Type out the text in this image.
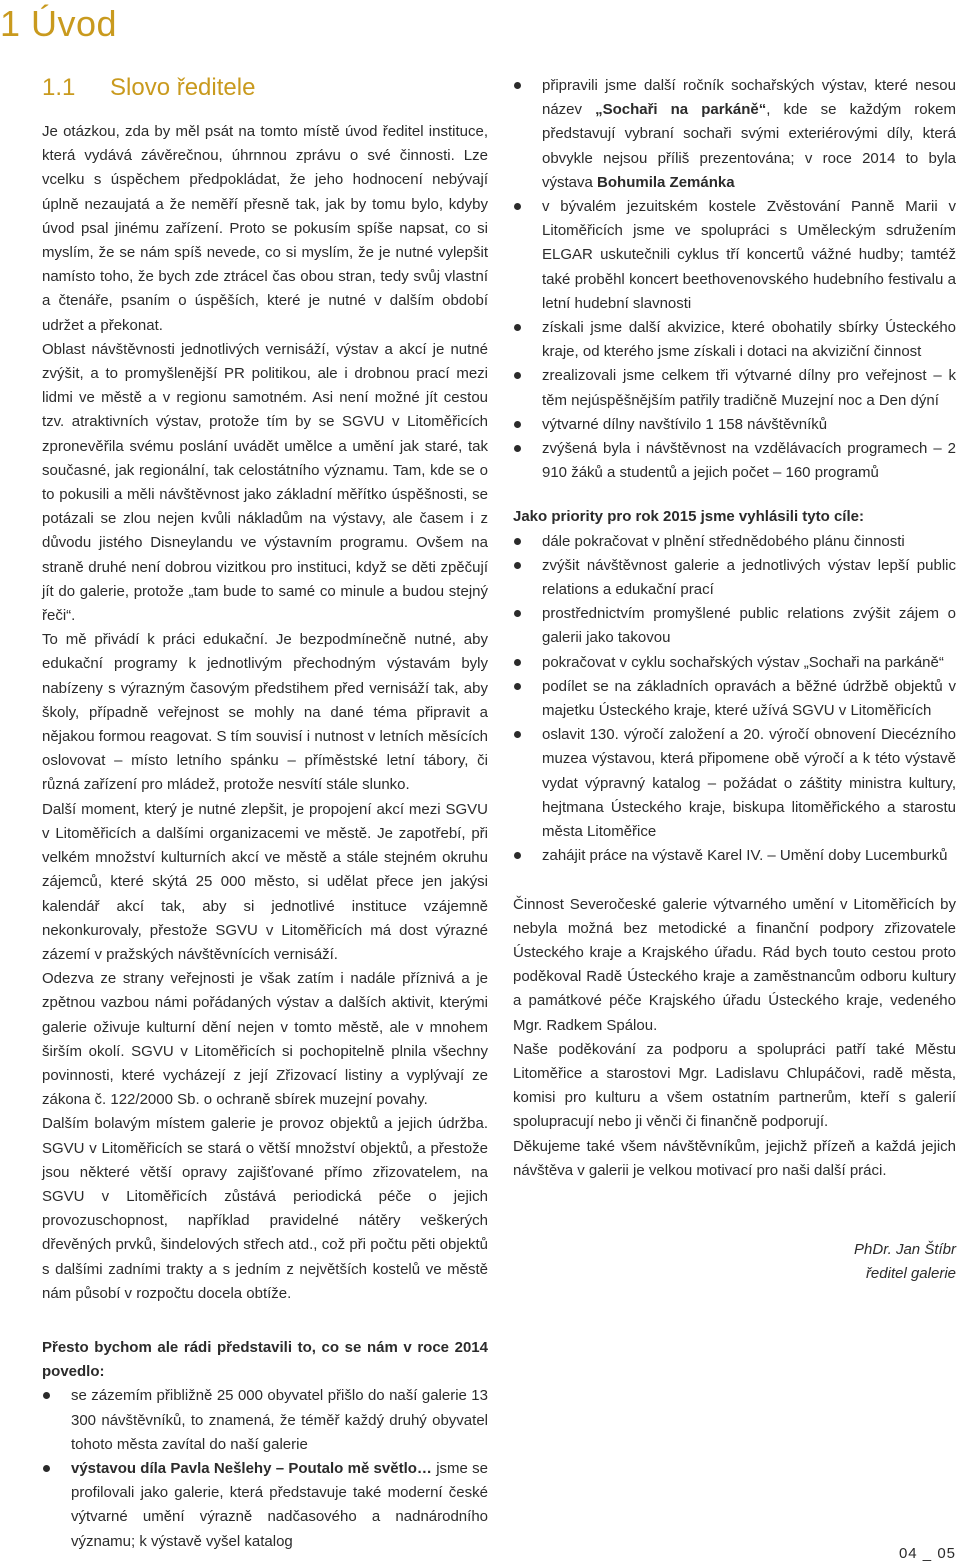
1 Úvod
1.1 Slovo ředitele

Je otázkou, zda by měl psát na tomto místě úvod ředitel instituce, která vydává závěrečnou, úhrnnou zprávu o své činnosti. Lze vcelku s úspěchem předpokládat, že jeho hodnocení nebývají úplně nezaujatá a že neměří přesně tak, jak by tomu bylo, kdyby úvod psal jinému zařízení. Proto se pokusím spíše napsat, co si myslím, že se nám spíš nevede, co si myslím, že je nutné vylepšit namísto toho, že bych zde ztrácel čas obou stran, tedy svůj vlastní a čtenáře, psaním o úspěších, které je nutné v dalším období udržet a překonat.

Oblast návštěvnosti jednotlivých vernisáží, výstav a akcí je nutné zvýšit, a to promyšlenější PR politikou, ale i drobnou prací mezi lidmi ve městě a v regionu samotném. Asi není možné jít cestou tzv. atraktivních výstav, protože tím by se SGVU v Litoměřicích zpronevěřila svému poslání uvádět umělce a umění jak staré, tak současné, jak regionální, tak celostátního významu. Tam, kde se o to pokusili a měli návštěvnost jako základní měřítko úspěšnosti, se potázali se zlou nejen kvůli nákladům na výstavy, ale časem i z důvodu jistého Disneylandu ve výstavním programu. Ovšem na straně druhé není dobrou vizitkou pro instituci, když se děti zpěčují jít do galerie, protože „tam bude to samé co minule a budou stejný řeči“.

To mě přivádí k práci edukační. Je bezpodmínečně nutné, aby edukační programy k jednotlivým přechodným výstavám byly nabízeny s výrazným časovým předstihem před vernisáží tak, aby školy, případně veřejnost se mohly na dané téma připravit a nějakou formou reagovat. S tím souvisí i nutnost v letních měsících oslovovat – místo letního spánku – příměstské letní tábory, či různá zařízení pro mládež, protože nesvítí stále slunko.

Další moment, který je nutné zlepšit, je propojení akcí mezi SGVU v Litoměřicích a dalšími organizacemi ve městě. Je zapotřebí, při velkém množství kulturních akcí ve městě a stále stejném okruhu zájemců, které skýtá 25 000 město, si udělat přece jen jakýsi kalendář akcí tak, aby si jednotlivé instituce vzájemně nekonkurovaly, přestože SGVU v Litoměřicích má dost výrazné zázemí v pražských návštěvnících vernisáží.

Odezva ze strany veřejnosti je však zatím i nadále příznivá a je zpětnou vazbou námi pořádaných výstav a dalších aktivit, kterými galerie oživuje kulturní dění nejen v tomto městě, ale v mnohem širším okolí. SGVU v Litoměřicích si pochopitelně plnila všechny povinnosti, které vycházejí z její Zřizovací listiny a vyplývají ze zákona č. 122/2000 Sb. o ochraně sbírek muzejní povahy.

Dalším bolavým místem galerie je provoz objektů a jejich údržba. SGVU v Litoměřicích se stará o větší množství objektů, a přestože jsou některé větší opravy zajišťované přímo zřizovatelem, na SGVU v Litoměřicích zůstává periodická péče o jejich provozuschopnost, například pravidelné nátěry veškerých dřevěných prvků, šindelových střech atd., což při počtu pěti objektů s dalšími zadními trakty a s jedním z největších kostelů ve městě nám působí v rozpočtu docela obtíže.

Přesto bychom ale rádi představili to, co se nám v roce 2014 povedlo:

se zázemím přibližně 25 000 obyvatel přišlo do naší galerie 13 300 návštěvníků, to znamená, že téměř každý druhý obyvatel tohoto města zavítal do naší galerie
výstavou díla Pavla Nešlehy – Poutalo mě světlo… jsme se profilovali jako galerie, která představuje také moderní české výtvarné umění výrazně nadčasového a nadnárodního významu; k výstavě vyšel katalog
připravili jsme další ročník sochařských výstav, které nesou název „Sochaři na parkáně“, kde se každým rokem představují vybraní sochaři svými exteriérovými díly, která obvykle nejsou příliš prezentována; v roce 2014 to byla výstava Bohumila Zemánka
v bývalém jezuitském kostele Zvěstování Panně Marii v Litoměřicích jsme ve spolupráci s Uměleckým sdružením ELGAR uskutečnili cyklus tří koncertů vážné hudby; tamtéž také proběhl koncert beethovenovského hudebního festivalu a letní hudební slavnosti
získali jsme další akvizice, které obohatily sbírky Ústeckého kraje, od kterého jsme získali i dotaci na akviziční činnost
zrealizovali jsme celkem tři výtvarné dílny pro veřejnost – k těm nejúspěšnějším patřily tradičně Muzejní noc a Den dýní
výtvarné dílny navštívilo 1 158 návštěvníků
zvýšená byla i návštěvnost na vzdělávacích programech – 2 910 žáků a studentů a jejich počet – 160 programů

Jako priority pro rok 2015 jsme vyhlásili tyto cíle:

dále pokračovat v plnění střednědobého plánu činnosti
zvýšit návštěvnost galerie a jednotlivých výstav lepší public relations a edukační prací
prostřednictvím promyšlené public relations zvýšit zájem o galerii jako takovou
pokračovat v cyklu sochařských výstav „Sochaři na parkáně“
podílet se na základních opravách a běžné údržbě objektů v majetku Ústeckého kraje, které užívá SGVU v Litoměřicích
oslavit 130. výročí založení a 20. výročí obnovení Diecézního muzea výstavou, která připomene obě výročí a k této výstavě vydat výpravný katalog – požádat o záštity ministra kultury, hejtmana Ústeckého kraje, biskupa litoměřického a starostu města Litoměřice
zahájit práce na výstavě Karel IV. – Umění doby Lucemburků

Činnost Severočeské galerie výtvarného umění v Litoměřicích by nebyla možná bez metodické a finanční podpory zřizovatele Ústeckého kraje a Krajského úřadu. Rád bych touto cestou proto poděkoval Radě Ústeckého kraje a zaměstnancům odboru kultury a památkové péče Krajského úřadu Ústeckého kraje, vedeného Mgr. Radkem Spálou.

Naše poděkování za podporu a spolupráci patří také Městu Litoměřice a starostovi Mgr. Ladislavu Chlupáčovi, radě města, komisi pro kulturu a všem ostatním partnerům, kteří s galerií spolupracují nebo ji věnči či finančně podporují.

Děkujeme také všem návštěvníkům, jejichž přízeň a každá jejich návštěva v galerii je velkou motivací pro naši další práci.

PhDr. Jan Štíbr
ředitel galerie
04 _ 05
